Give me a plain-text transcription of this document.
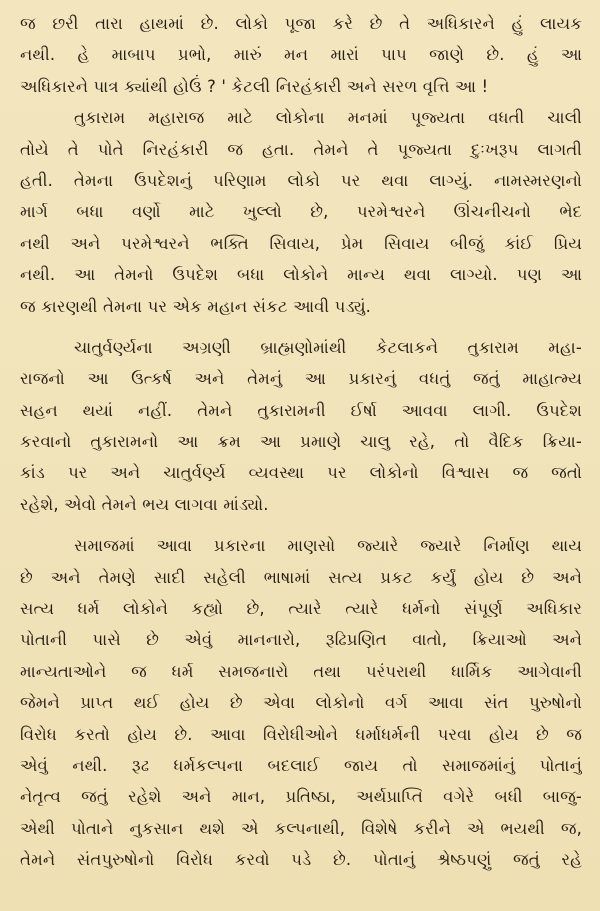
જ છરી તારા હાથમાં છે. લોકો પૂજા કરે છે તે અધિકારને હું લાયક
નથી. હે માબાપ પ્રભો, મારું મન મારાં પાપ જાણે છે. હું આ
અધિકારને પાત્ર ક્યાંથી હોઉં ? ' કેટલી નિરહંકારી અને સરળ વૃત્તિ આ !
તુકારામ મહારાજ માટે લોકોના મનમાં પૂજ્યતા વધતી ચાલી
તોયે તે પોતે નિરહંકારી જ હતા. તેમને તે પૂજ્યતા દુઃખરૂપ લાગતી
હતી. તેમના ઉપદેશનું પરિણામ લોકો પર થવા લાગ્યું. નામસ્મરણનો
માર્ગ બધા વર્ણો માટે ખુલ્લો છે, પરમેશ્વરને ઊંચનીચનો ભેદ
નથી અને પરમેશ્વરને ભક્તિ સિવાય, પ્રેમ સિવાય બીજું કાંઈ પ્રિય
નથી. આ તેમનો ઉપદેશ બધા લોકોને માન્ય થવા લાગ્યો. પણ આ
જ કારણથી તેમના પર એક મહાન સંકટ આવી પડ્યું.
ચાતુર્વર્ણ્યના અગ્રણી બ્રાહ્મણોમાંથી કેટલાકને તુકારામ મહા-
રાજનો આ ઉત્કર્ષ અને તેમનું આ પ્રકારનું વધતું જતું માહાત્મ્ય
સહન થયાં નહીં. તેમને તુકારામની ઈર્ષા આવવા લાગી. ઉપદેશ
કરવાનો તુકારામનો આ ક્રમ આ પ્રમાણે ચાલુ રહે, તો વૈદિક ક્રિયા-
કાંડ પર અને ચાતુર્વર્ણ્ય વ્યવસ્થા પર લોકોનો વિશ્વાસ જ જતો
રહેશે, એવો તેમને ભય લાગવા માંડ્યો.
સમાજમાં આવા પ્રકારના માણસો જ્યારે જ્યારે નિર્માણ થાય
છે અને તેમણે સાદી સહેલી ભાષામાં સત્ય પ્રકટ કર્યું હોય છે અને
સત્ય ધર્મ લોકોને કહ્યો છે, ત્યારે ત્યારે ધર્મનો સંપૂર્ણ અધિકાર
પોતાની પાસે છે એવું માનનારો, રૂઢિપ્રણિત વાતો, ક્રિયાઓ અને
માન્યતાઓને જ ધર્મ સમજનારો તથા પરંપરાથી ધાર્મિક આગેવાની
જેમને પ્રાપ્ત થઈ હોય છે એવા લોકોનો વર્ગ આવા સંત પુરુષોનો
વિરોધ કરતો હોય છે. આવા વિરોધીઓને ધર્માધર્મની પરવા હોય છે જ
એવું નથી. રૂઢ ધર્મકલ્પના બદલાઈ જાય તો સમાજમાંનું પોતાનું
નેતૃત્વ જતું રહેશે અને માન, પ્રતિષ્ઠા, અર્થપ્રાપ્તિ વગેરે બધી બાજુ-
એથી પોતાને નુકસાન થશે એ કલ્પનાથી, વિશેષે કરીને એ ભયથી જ,
તેમને સંતપુરુષોનો વિરોધ કરવો પડે છે. પોતાનું શ્રેષ્ઠપણું જતું રહે
